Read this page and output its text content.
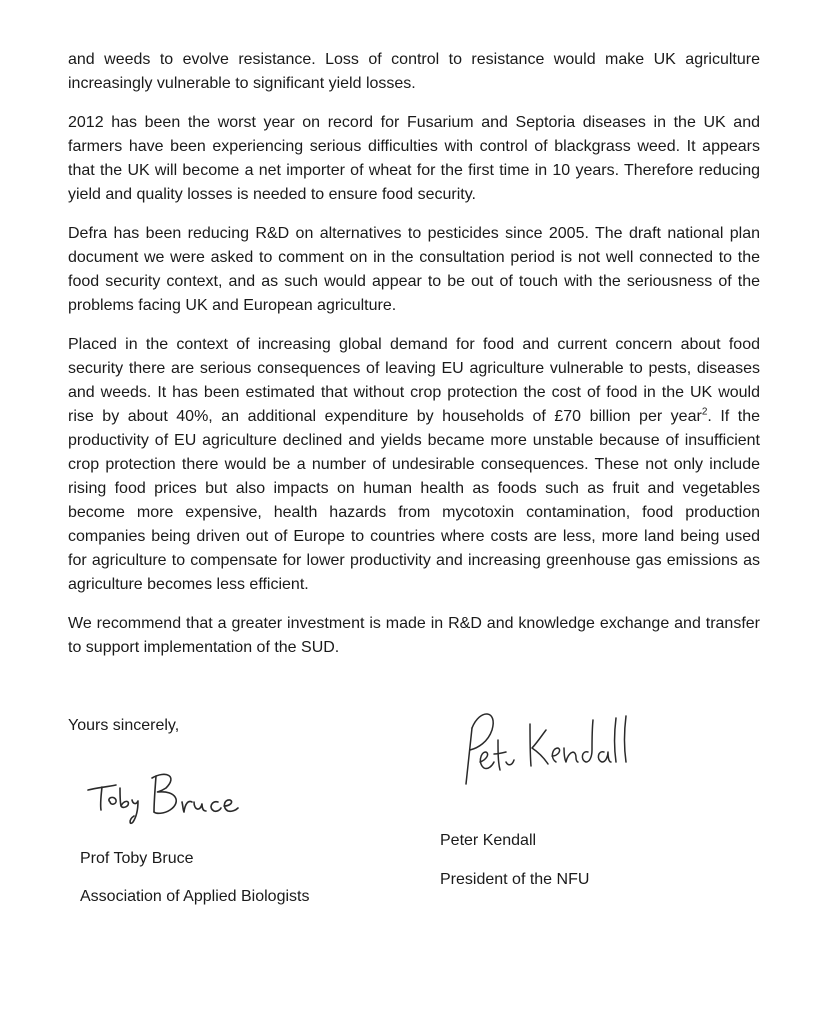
and weeds to evolve resistance. Loss of control to resistance would make UK agriculture increasingly vulnerable to significant yield losses.

2012 has been the worst year on record for Fusarium and Septoria diseases in the UK and farmers have been experiencing serious difficulties with control of blackgrass weed. It appears that the UK will become a net importer of wheat for the first time in 10 years. Therefore reducing yield and quality losses is needed to ensure food security.

Defra has been reducing R&D on alternatives to pesticides since 2005. The draft national plan document we were asked to comment on in the consultation period is not well connected to the food security context, and as such would appear to be out of touch with the seriousness of the problems facing UK and European agriculture.

Placed in the context of increasing global demand for food and current concern about food security there are serious consequences of leaving EU agriculture vulnerable to pests, diseases and weeds. It has been estimated that without crop protection the cost of food in the UK would rise by about 40%, an additional expenditure by households of £70 billion per year$^2$. If the productivity of EU agriculture declined and yields became more unstable because of insufficient crop protection there would be a number of undesirable consequences. These not only include rising food prices but also impacts on human health as foods such as fruit and vegetables become more expensive, health hazards from mycotoxin contamination, food production companies being driven out of Europe to countries where costs are less, more land being used for agriculture to compensate for lower productivity and increasing greenhouse gas emissions as agriculture becomes less efficient.

We recommend that a greater investment is made in R&D and knowledge exchange and transfer to support implementation of the SUD.

Yours sincerely,
Prof Toby Bruce
Association of Applied Biologists
Peter Kendall
President of the NFU
